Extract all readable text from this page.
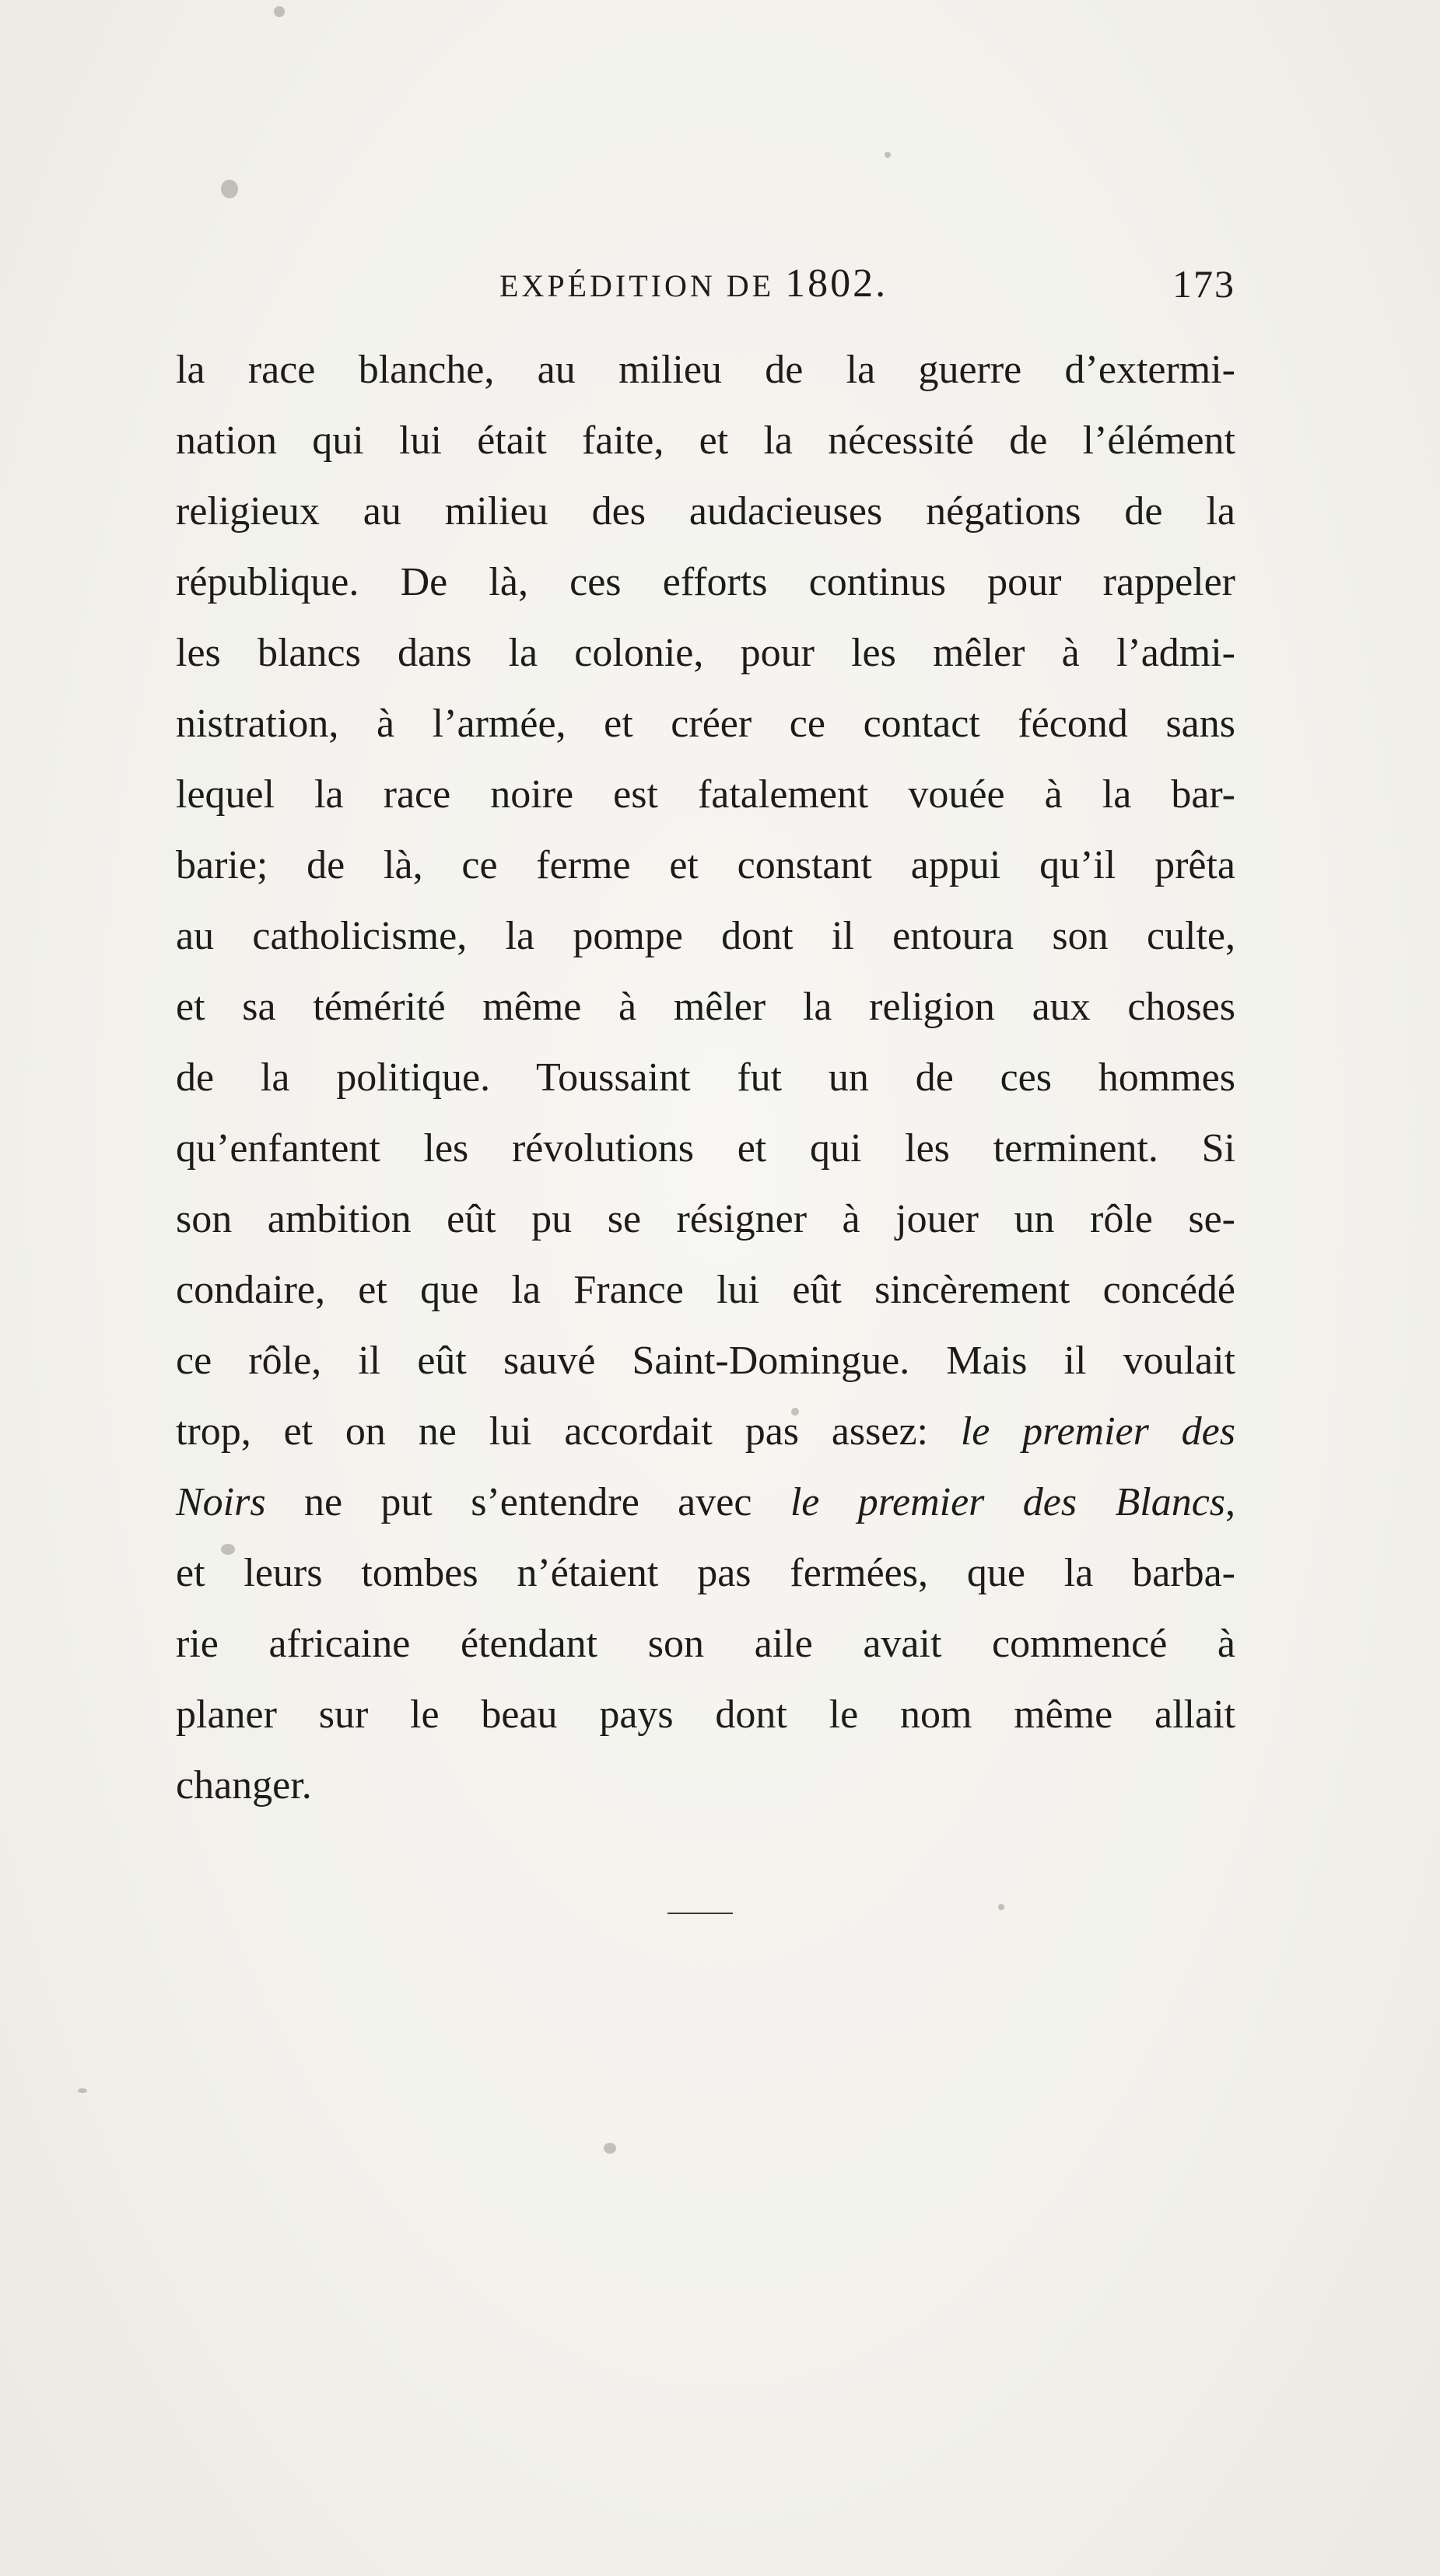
EXPÉDITION DE 1802.	173
la race blanche, au milieu de la guerre d’extermi-
nation qui lui était faite, et la nécessité de l’élément
religieux au milieu des audacieuses négations de la
république. De là, ces efforts continus pour rappeler
les blancs dans la colonie, pour les mêler à l’admi-
nistration, à l’armée, et créer ce contact fécond sans
lequel la race noire est fatalement vouée à la bar-
barie; de là, ce ferme et constant appui qu’il prêta
au catholicisme, la pompe dont il entoura son culte,
et sa témérité même à mêler la religion aux choses
de la politique. Toussaint fut un de ces hommes
qu’enfantent les révolutions et qui les terminent. Si
son ambition eût pu se résigner à jouer un rôle se-
condaire, et que la France lui eût sincèrement concédé
ce rôle, il eût sauvé Saint-Domingue. Mais il voulait
trop, et on ne lui accordait pas assez: le premier des
Noirs ne put s’entendre avec le premier des Blancs,
et leurs tombes n’étaient pas fermées, que la barba-
rie africaine étendant son aile avait commencé à
planer sur le beau pays dont le nom même allait
changer.
